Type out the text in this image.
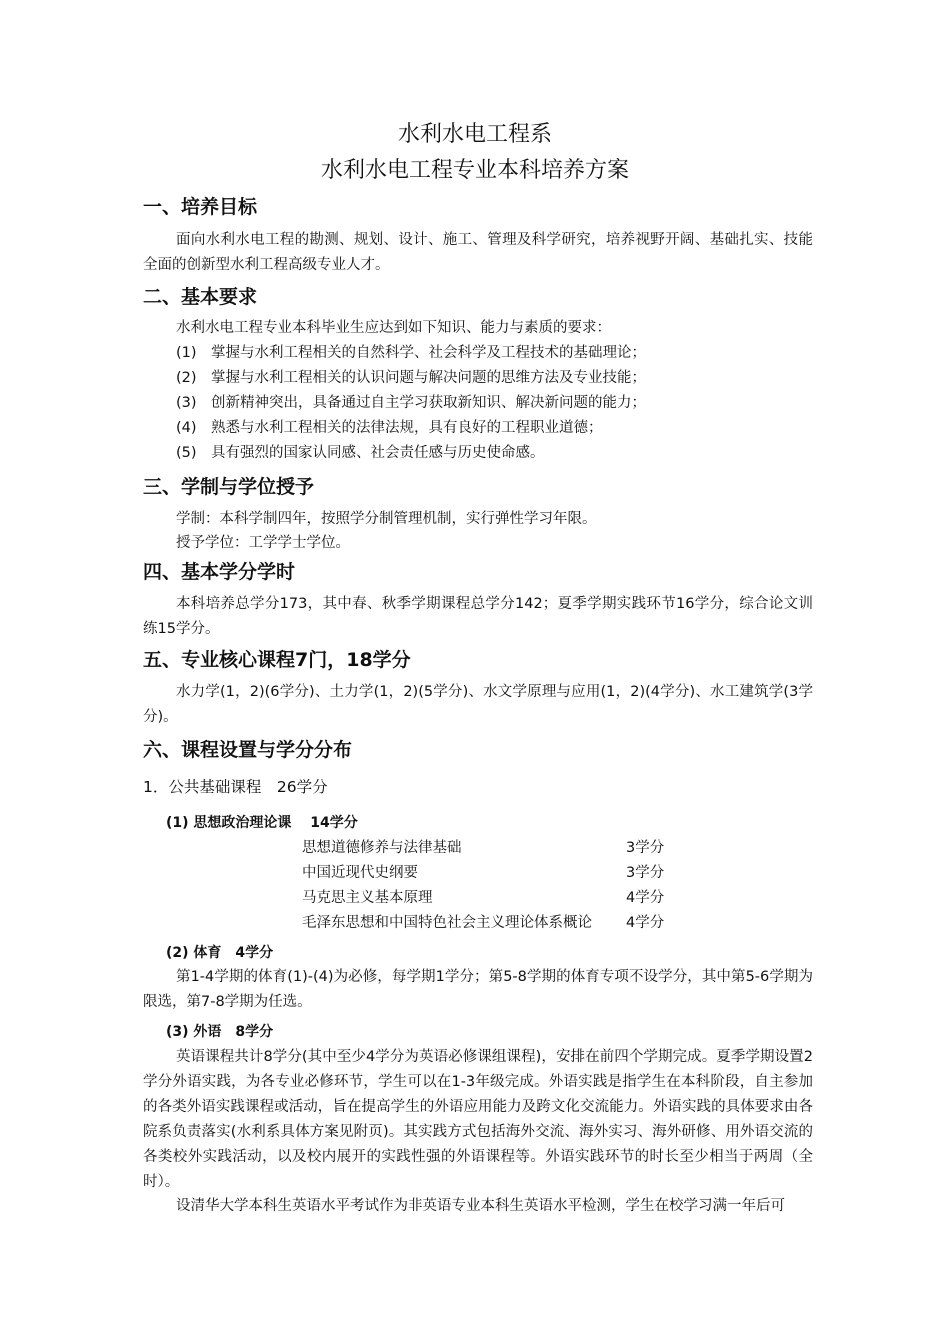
水利水电工程系
水利水电工程专业本科培养方案
一、培养目标
面向水利水电工程的勘测、规划、设计、施工、管理及科学研究，培养视野开阔、基础扎实、技能全面的创新型水利工程高级专业人才。
二、基本要求
水利水电工程专业本科毕业生应达到如下知识、能力与素质的要求：
(1)　掌握与水利工程相关的自然科学、社会科学及工程技术的基础理论；
(2)　掌握与水利工程相关的认识问题与解决问题的思维方法及专业技能；
(3)　创新精神突出，具备通过自主学习获取新知识、解决新问题的能力；
(4)　熟悉与水利工程相关的法律法规，具有良好的工程职业道德；
(5)　具有强烈的国家认同感、社会责任感与历史使命感。
三、学制与学位授予
学制：本科学制四年，按照学分制管理机制，实行弹性学习年限。
授予学位：工学学士学位。
四、基本学分学时
本科培养总学分173，其中春、秋季学期课程总学分142；夏季学期实践环节16学分，综合论文训练15学分。
五、专业核心课程7门，18学分
水力学(1，2)(6学分)、土力学(1，2)(5学分)、水文学原理与应用(1，2)(4学分)、水工建筑学(3学分)。
六、课程设置与学分分布
1．公共基础课程　26学分
(1) 思想政治理论课　 14学分
思想道德修养与法律基础	3学分
中国近现代史纲要	3学分
马克思主义基本原理	4学分
毛泽东思想和中国特色社会主义理论体系概论 4学分
(2) 体育　4学分
第1-4学期的体育(1)-(4)为必修，每学期1学分；第5-8学期的体育专项不设学分，其中第5-6学期为限选，第7-8学期为任选。
(3) 外语　8学分
英语课程共计8学分(其中至少4学分为英语必修课组课程)，安排在前四个学期完成。夏季学期设置2学分外语实践，为各专业必修环节，学生可以在1-3年级完成。外语实践是指学生在本科阶段，自主参加的各类外语实践课程或活动，旨在提高学生的外语应用能力及跨文化交流能力。外语实践的具体要求由各院系负责落实(水利系具体方案见附页)。其实践方式包括海外交流、海外实习、海外研修、用外语交流的各类校外实践活动，以及校内展开的实践性强的外语课程等。外语实践环节的时长至少相当于两周（全时）。
设清华大学本科生英语水平考试作为非英语专业本科生英语水平检测，学生在校学习满一年后可
